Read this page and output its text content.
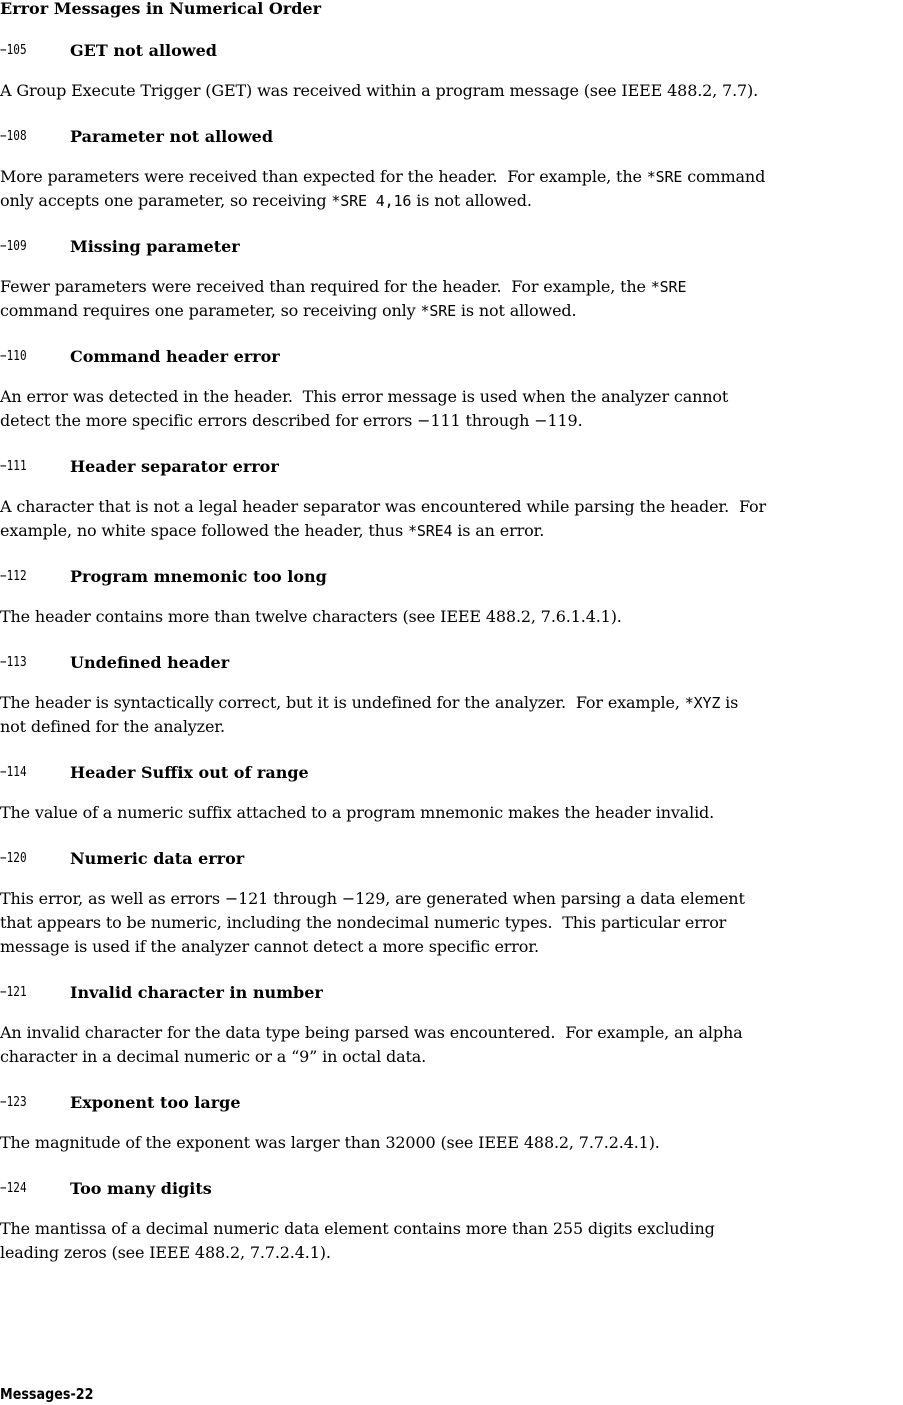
Error Messages in Numerical Order
−105	GET not allowed

A Group Execute Trigger (GET) was received within a program message (see IEEE 488.2, 7.7).

−108	Parameter not allowed

More parameters were received than expected for the header.  For example, the *SRE command
only accepts one parameter, so receiving *SRE 4,16 is not allowed.

−109	Missing parameter

Fewer parameters were received than required for the header.  For example, the *SRE
command requires one parameter, so receiving only *SRE is not allowed.

−110	Command header error

An error was detected in the header.  This error message is used when the analyzer cannot
detect the more specific errors described for errors −111 through −119.

−111	Header separator error

A character that is not a legal header separator was encountered while parsing the header.  For
example, no white space followed the header, thus *SRE4 is an error.

−112	Program mnemonic too long

The header contains more than twelve characters (see IEEE 488.2, 7.6.1.4.1).

−113	Undefined header

The header is syntactically correct, but it is undefined for the analyzer.  For example, *XYZ is
not defined for the analyzer.

−114	Header Suffix out of range

The value of a numeric suffix attached to a program mnemonic makes the header invalid.

−120	Numeric data error

This error, as well as errors −121 through −129, are generated when parsing a data element
that appears to be numeric, including the nondecimal numeric types.  This particular error
message is used if the analyzer cannot detect a more specific error.

−121	Invalid character in number

An invalid character for the data type being parsed was encountered.  For example, an alpha
character in a decimal numeric or a “9” in octal data.

−123	Exponent too large

The magnitude of the exponent was larger than 32000 (see IEEE 488.2, 7.7.2.4.1).

−124	Too many digits

The mantissa of a decimal numeric data element contains more than 255 digits excluding
leading zeros (see IEEE 488.2, 7.7.2.4.1).

Messages-22
